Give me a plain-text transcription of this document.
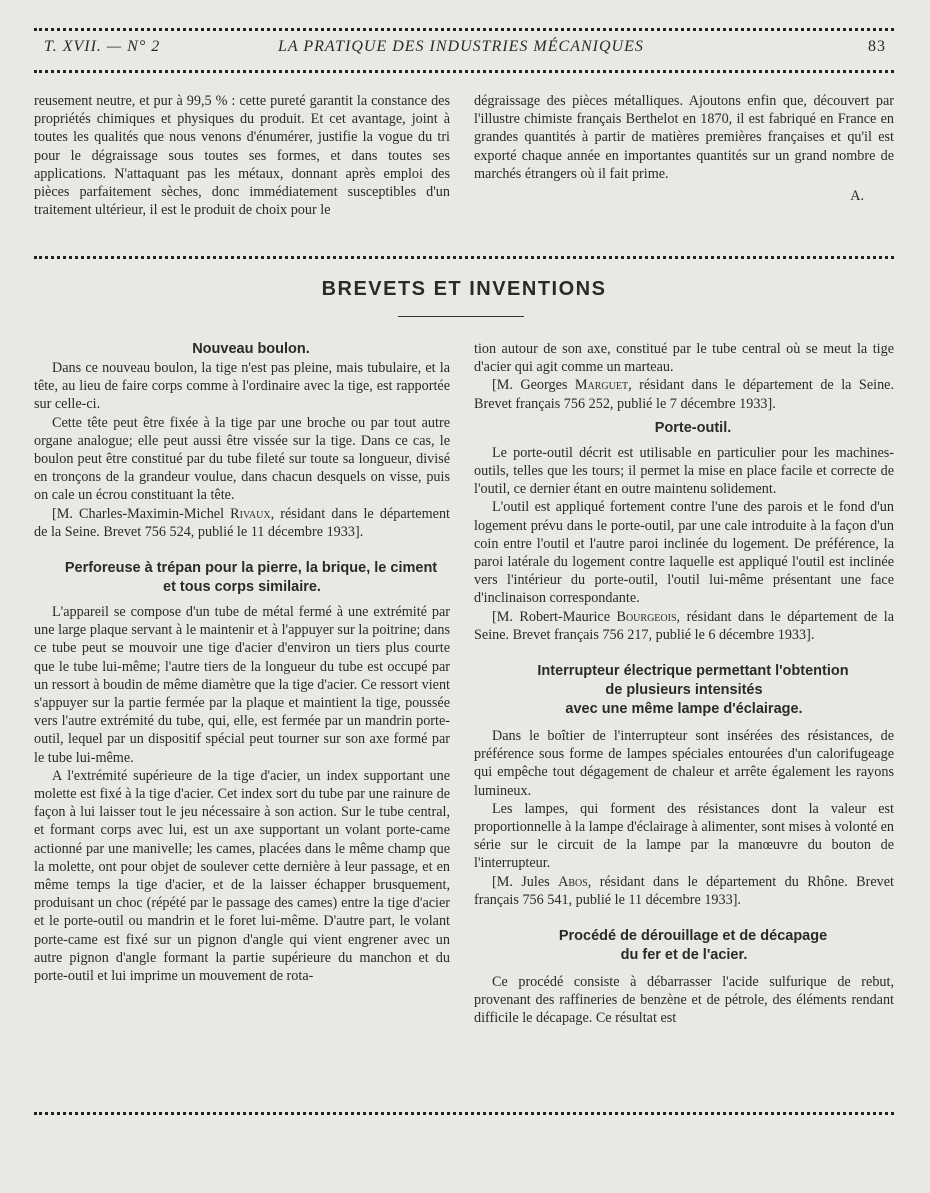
T. XVII. — N° 2	LA PRATIQUE DES INDUSTRIES MÉCANIQUES	83

reusement neutre, et pur à 99,5 % : cette pureté garantit la constance des propriétés chimiques et physiques du produit. Et cet avantage, joint à toutes les qualités que nous venons d'énumérer, justifie la vogue du tri pour le dégraissage sous toutes ses formes, et dans toutes ses applications. N'attaquant pas les métaux, donnant après emploi des pièces parfaitement sèches, donc immédiatement susceptibles d'un traitement ultérieur, il est le produit de choix pour le

dégraissage des pièces métalliques. Ajoutons enfin que, découvert par l'illustre chimiste français Berthelot en 1870, il est fabriqué en France en grandes quantités à partir de matières premières françaises et qu'il est exporté chaque année en importantes quantités sur un grand nombre de marchés étrangers où il fait prime.

A.
BREVETS ET INVENTIONS

Nouveau boulon.

Dans ce nouveau boulon, la tige n'est pas pleine, mais tubulaire, et la tête, au lieu de faire corps comme à l'ordinaire avec la tige, est rapportée sur celle-ci.

Cette tête peut être fixée à la tige par une broche ou par tout autre organe analogue; elle peut aussi être vissée sur la tige. Dans ce cas, le boulon peut être constitué par du tube fileté sur toute sa longueur, divisé en tronçons de la grandeur voulue, dans chacun desquels on visse, puis on cale un écrou constituant la tête.

[M. Charles-Maximin-Michel Rivaux, résidant dans le département de la Seine. Brevet 756 524, publié le 11 décembre 1933].

Perforeuse à trépan pour la pierre, la brique, le ciment
et tous corps similaire.

L'appareil se compose d'un tube de métal fermé à une extrémité par une large plaque servant à le maintenir et à l'appuyer sur la poitrine; dans ce tube peut se mouvoir une tige d'acier d'environ un tiers plus courte que le tube lui-même; l'autre tiers de la longueur du tube est occupé par un ressort à boudin de même diamètre que la tige d'acier. Ce ressort vient s'appuyer sur la partie fermée par la plaque et maintient la tige, poussée vers l'autre extrémité du tube, qui, elle, est fermée par un mandrin porte-outil, lequel par un dispositif spécial peut tourner sur son axe formé par le tube lui-même.

A l'extrémité supérieure de la tige d'acier, un index supportant une molette est fixé à la tige d'acier. Cet index sort du tube par une rainure de façon à lui laisser tout le jeu nécessaire à son action. Sur le tube central, et formant corps avec lui, est un axe supportant un volant porte-came actionné par une manivelle; les cames, placées dans le même champ que la molette, ont pour objet de soulever cette dernière à leur passage, et en même temps la tige d'acier, et de la laisser échapper brusquement, produisant un choc (répété par le passage des cames) entre la tige d'acier et le porte-outil ou mandrin et le foret lui-même. D'autre part, le volant porte-came est fixé sur un pignon d'angle qui vient engrener avec un autre pignon d'angle formant la partie supérieure du manchon et du porte-outil et lui imprime un mouvement de rota-

tion autour de son axe, constitué par le tube central où se meut la tige d'acier qui agit comme un marteau.

[M. Georges Marguet, résidant dans le département de la Seine. Brevet français 756 252, publié le 7 décembre 1933].

Porte-outil.

Le porte-outil décrit est utilisable en particulier pour les machines-outils, telles que les tours; il permet la mise en place facile et correcte de l'outil, ce dernier étant en outre maintenu solidement.

L'outil est appliqué fortement contre l'une des parois et le fond d'un logement prévu dans le porte-outil, par une cale introduite à la façon d'un coin entre l'outil et l'autre paroi inclinée du logement. De préférence, la paroi latérale du logement contre laquelle est appliqué l'outil est inclinée vers l'intérieur du porte-outil, l'outil lui-même présentant une face d'inclinaison correspondante.

[M. Robert-Maurice Bourgeois, résidant dans le département de la Seine. Brevet français 756 217, publié le 6 décembre 1933].

Interrupteur électrique permettant l'obtention
de plusieurs intensités
avec une même lampe d'éclairage.

Dans le boîtier de l'interrupteur sont insérées des résistances, de préférence sous forme de lampes spéciales entourées d'un calorifugeage qui empêche tout dégagement de chaleur et arrête également les rayons lumineux.

Les lampes, qui forment des résistances dont la valeur est proportionnelle à la lampe d'éclairage à alimenter, sont mises à volonté en série sur le circuit de la lampe par la manœuvre du bouton de l'interrupteur.

[M. Jules Abos, résidant dans le département du Rhône. Brevet français 756 541, publié le 11 décembre 1933].

Procédé de dérouillage et de décapage
du fer et de l'acier.

Ce procédé consiste à débarrasser l'acide sulfurique de rebut, provenant des raffineries de benzène et de pétrole, des éléments rendant difficile le décapage. Ce résultat est
